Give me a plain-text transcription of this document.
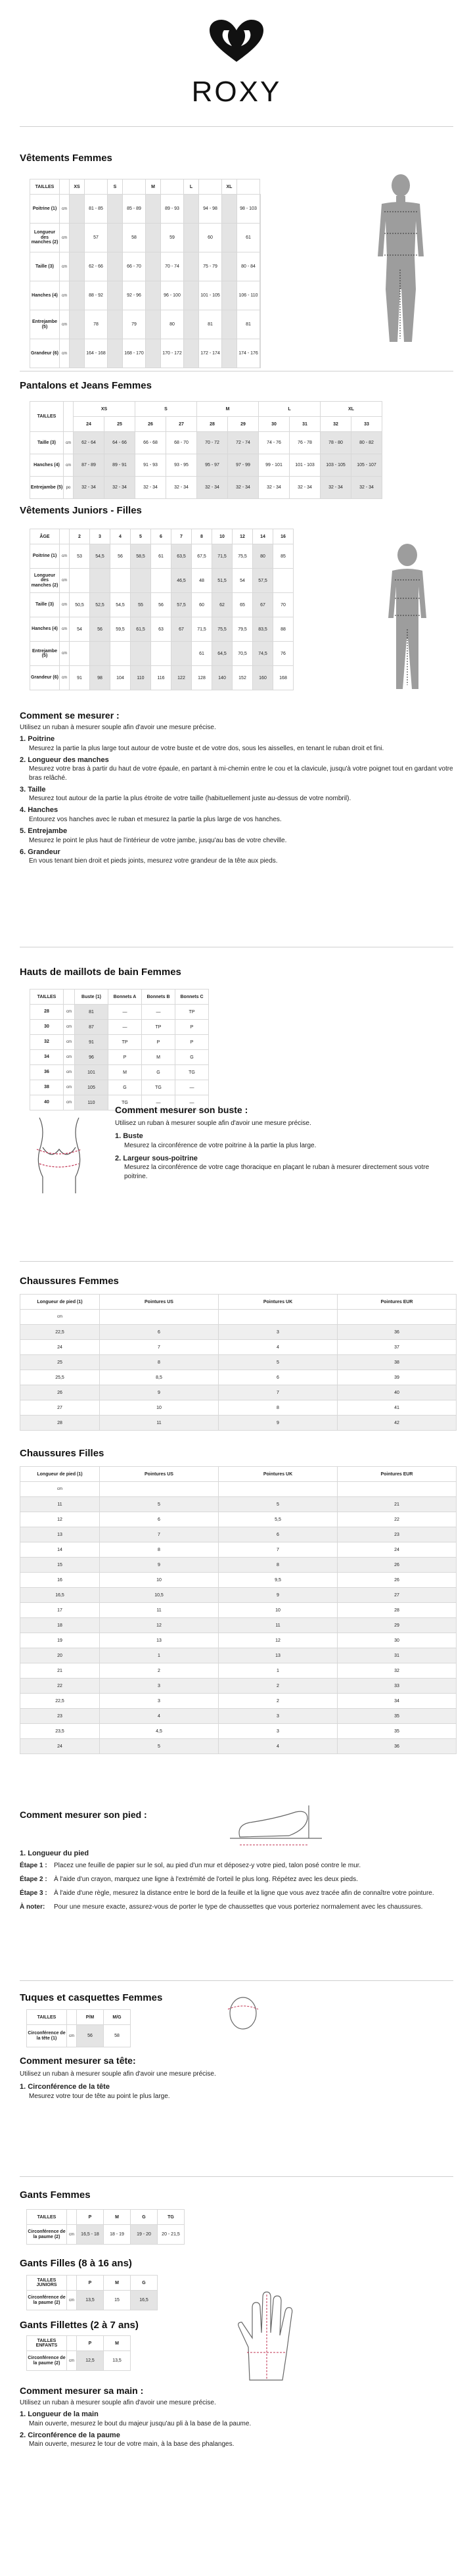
ROXY
Vêtements Femmes
TAILLES		XS		S		M		L		XL		
Poitrine (1)	cm		81 - 85		85 - 89		89 - 93		94 - 98		98 - 103	
Longueur des manches (2)	cm		57		58		59		60		61	
Taille (3)	cm		62 - 66		66 - 70		70 - 74		75 - 79		80 - 84	
Hanches (4)	cm		88 - 92		92 - 96		96 - 100		101 - 105		106 - 110	
Entrejambe (5)	cm		78		79		80		81		81	
Grandeur (6)	cm		164 - 168		168 - 170		170 - 172		172 - 174		174 - 176	
Pantalons et Jeans Femmes
TAILLES		XS		S		M		L		XL	
		24	25	26	27	28	29	30	31	32	33
Taille (3)	cm	62 - 64	64 - 66	66 - 68	68 - 70	70 - 72	72 - 74	74 - 76	76 - 78	78 - 80	80 - 82
Hanches (4)	cm	87 - 89	89 - 91	91 - 93	93 - 95	95 - 97	97 - 99	99 - 101	101 - 103	103 - 105	105 - 107
Entrejambe (5)	po	32 - 34	32 - 34	32 - 34	32 - 34	32 - 34	32 - 34	32 - 34	32 - 34	32 - 34	32 - 34
Vêtements Juniors - Filles
ÂGE		2	3	4	5	6	7	8	10	12	14	16
Poitrine (1)	cm	53	54,5	56	58,5	61	63,5	67,5	71,5	75,5	80	85
Longueur des manches (2)	cm						46,5	48	51,5	54	57,5	
Taille (3)	cm	50,5	52,5	54,5	55	56	57,5	60	62	65	67	70
Hanches (4)	cm	54	56	59,5	61,5	63	67	71,5	75,5	79,5	83,5	88
Entrejambe (5)	cm							61	64,5	70,5	74,5	76
Grandeur (6)	cm	91	98	104	110	116	122	128	140	152	160	168
Comment se mesurer :

Utilisez un ruban à mesurer souple afin d'avoir une mesure précise.

1. Poitrine

Mesurez la partie la plus large tout autour de votre buste et de votre dos, sous les aisselles, en tenant le ruban droit et fini.

2. Longueur des manches

Mesurez votre bras à partir du haut de votre épaule, en partant à mi-chemin entre le cou et la clavicule, jusqu'à votre poignet tout en gardant votre bras relâché.

3. Taille

Mesurez tout autour de la partie la plus étroite de votre taille (habituellement juste au-dessus de votre nombril).

4. Hanches

Entourez vos hanches avec le ruban et mesurez la partie la plus large de vos hanches.

5. Entrejambe

Mesurez le point le plus haut de l'intérieur de votre jambe, jusqu'au bas de votre cheville.

6. Grandeur

En vous tenant bien droit et pieds joints, mesurez votre grandeur de la tête aux pieds.

Hauts de maillots de bain Femmes
TAILLES		Buste (1)	Bonnets A	Bonnets B	Bonnets C
28	cm	81	—	—	TP
30	cm	87	—	TP	P
32	cm	91	TP	P	P
34	cm	96	P	M	G
36	cm	101	M	G	TG
38	cm	105	G	TG	—
40	cm	110	TG	—	—
Comment mesurer son buste :

Utilisez un ruban à mesurer souple afin d'avoir une mesure précise.

1. Buste

Mesurez la circonférence de votre poitrine à la partie la plus large.

2. Largeur sous-poitrine

Mesurez la circonférence de votre cage thoracique en plaçant le ruban à mesurer directement sous votre poitrine.

Chaussures Femmes
Longueur de pied (1)	Pointures US	Pointures UK	Pointures EUR
cm			
22,5	6	3	36
24	7	4	37
25	8	5	38
25,5	8,5	6	39
26	9	7	40
27	10	8	41
28	11	9	42
Chaussures Filles
Longueur de pied (1)	Pointures US	Pointures UK	Pointures EUR
cm			
11	5	5	21
12	6	5,5	22
13	7	6	23
14	8	7	24
15	9	8	26
16	10	9,5	26
16,5	10,5	9	27
17	11	10	28
18	12	11	29
19	13	12	30
20	1	13	31
21	2	1	32
22	3	2	33
22,5	3	2	34
23	4	3	35
23,5	4,5	3	35
24	5	4	36
Comment mesurer son pied :

1. Longueur du pied

Étape 1 :	Placez une feuille de papier sur le sol, au pied d'un mur et déposez-y votre pied, talon posé contre le mur.
Étape 2 :	À l'aide d'un crayon, marquez une ligne à l'extrémité de l'orteil le plus long. Répétez avec les deux pieds.
Étape 3 :	À l'aide d'une règle, mesurez la distance entre le bord de la feuille et la ligne que vous avez tracée afin de connaître votre pointure.
À noter:	Pour une mesure exacte, assurez-vous de porter le type de chaussettes que vous porteriez normalement avec les chaussures.
Tuques et casquettes Femmes
TAILLES		P/M	M/G
Circonférence de la tête (1)	cm	56	58
Comment mesurer sa tête:

Utilisez un ruban à mesurer souple afin d'avoir une mesure précise.

1. Circonférence de la tête

Mesurez votre tour de tête au point le plus large.

Gants Femmes
TAILLES		P	M	G	TG
Circonférence de la paume (2)	cm	16,5 - 18	18 - 19	19 - 20	20 - 21,5
Gants Filles (8 à 16 ans)
TAILLES JUNIORS		P	M	G
Circonférence de la paume (2)	cm	13,5	15	16,5
Gants Fillettes (2 à 7 ans)
TAILLES ENFANTS		P	M
Circonférence de la paume (2)	cm	12,5	13,5
Comment mesurer sa main :

Utilisez un ruban à mesurer souple afin d'avoir une mesure précise.

1. Longueur de la main

Main ouverte, mesurez le bout du majeur jusqu'au pli à la base de la paume.

2. Circonférence de la paume

Main ouverte, mesurez le tour de votre main, à la base des phalanges.
